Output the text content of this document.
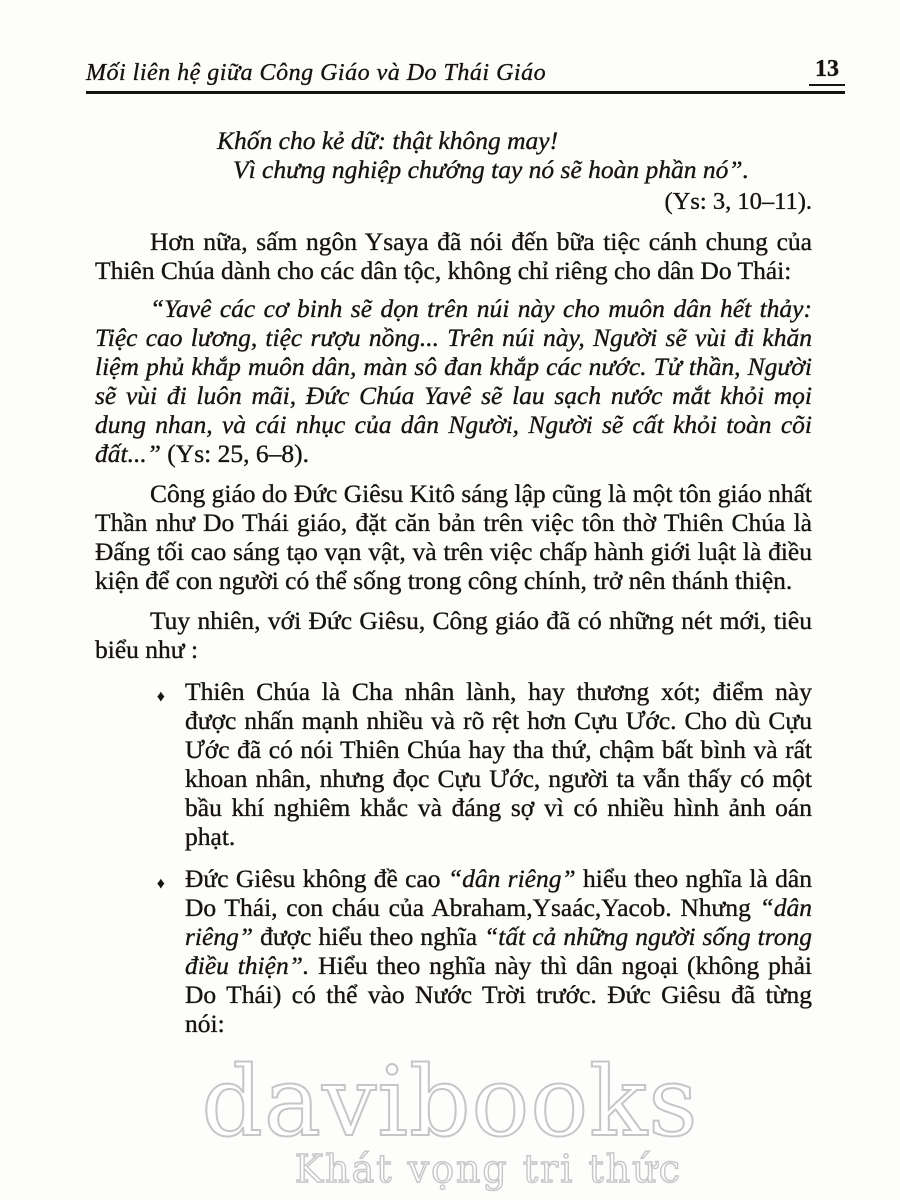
Mối liên hệ giữa Công Giáo và Do Thái Giáo	13
Khốn cho kẻ dữ: thật không may!
Vì chưng nghiệp chướng tay nó sẽ hoàn phần nó”.
(Ys: 3, 10–11).

Hơn nữa, sấm ngôn Ysaya đã nói đến bữa tiệc cánh chung của Thiên Chúa dành cho các dân tộc, không chỉ riêng cho dân Do Thái:

“Yavê các cơ binh sẽ dọn trên núi này cho muôn dân hết thảy: Tiệc cao lương, tiệc rượu nồng... Trên núi này, Người sẽ vùi đi khăn liệm phủ khắp muôn dân, màn sô đan khắp các nước. Tử thần, Người sẽ vùi đi luôn mãi, Đức Chúa Yavê sẽ lau sạch nước mắt khỏi mọi dung nhan, và cái nhục của dân Người, Người sẽ cất khỏi toàn cõi đất...” (Ys: 25, 6–8).

Công giáo do Đức Giêsu Kitô sáng lập cũng là một tôn giáo nhất Thần như Do Thái giáo, đặt căn bản trên việc tôn thờ Thiên Chúa là Đấng tối cao sáng tạo vạn vật, và trên việc chấp hành giới luật là điều kiện để con người có thể sống trong công chính, trở nên thánh thiện.

Tuy nhiên, với Đức Giêsu, Công giáo đã có những nét mới, tiêu biểu như :

♦ Thiên Chúa là Cha nhân lành, hay thương xót; điểm này được nhấn mạnh nhiều và rõ rệt hơn Cựu Ước. Cho dù Cựu Ước đã có nói Thiên Chúa hay tha thứ, chậm bất bình và rất khoan nhân, nhưng đọc Cựu Ước, người ta vẫn thấy có một bầu khí nghiêm khắc và đáng sợ vì có nhiều hình ảnh oán phạt.
♦ Đức Giêsu không đề cao “dân riêng” hiểu theo nghĩa là dân Do Thái, con cháu của Abraham,Ysaác,Yacob. Nhưng “dân riêng” được hiểu theo nghĩa “tất cả những người sống trong điều thiện”. Hiểu theo nghĩa này thì dân ngoại (không phải Do Thái) có thể vào Nước Trời trước. Đức Giêsu đã từng nói:
davibooks
Khát vọng tri thức
